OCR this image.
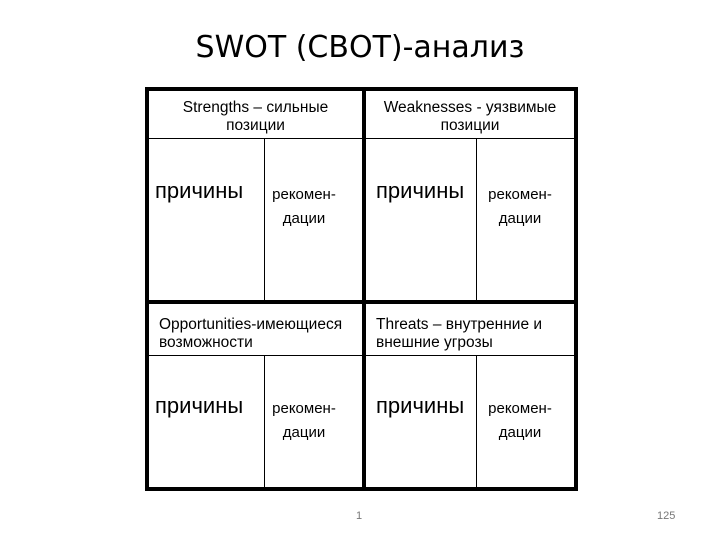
SWOT (СВОТ)-анализ
Strengths – сильные
позиции
причины	рекомен-
дации
Weaknesses - уязвимые
позиции
причины	рекомен-
дации
Opportunities-имеющиеся
возможности
причины	рекомен-
дации
Threats – внутренние и
внешние угрозы
причины	рекомен-
дации
1	125
